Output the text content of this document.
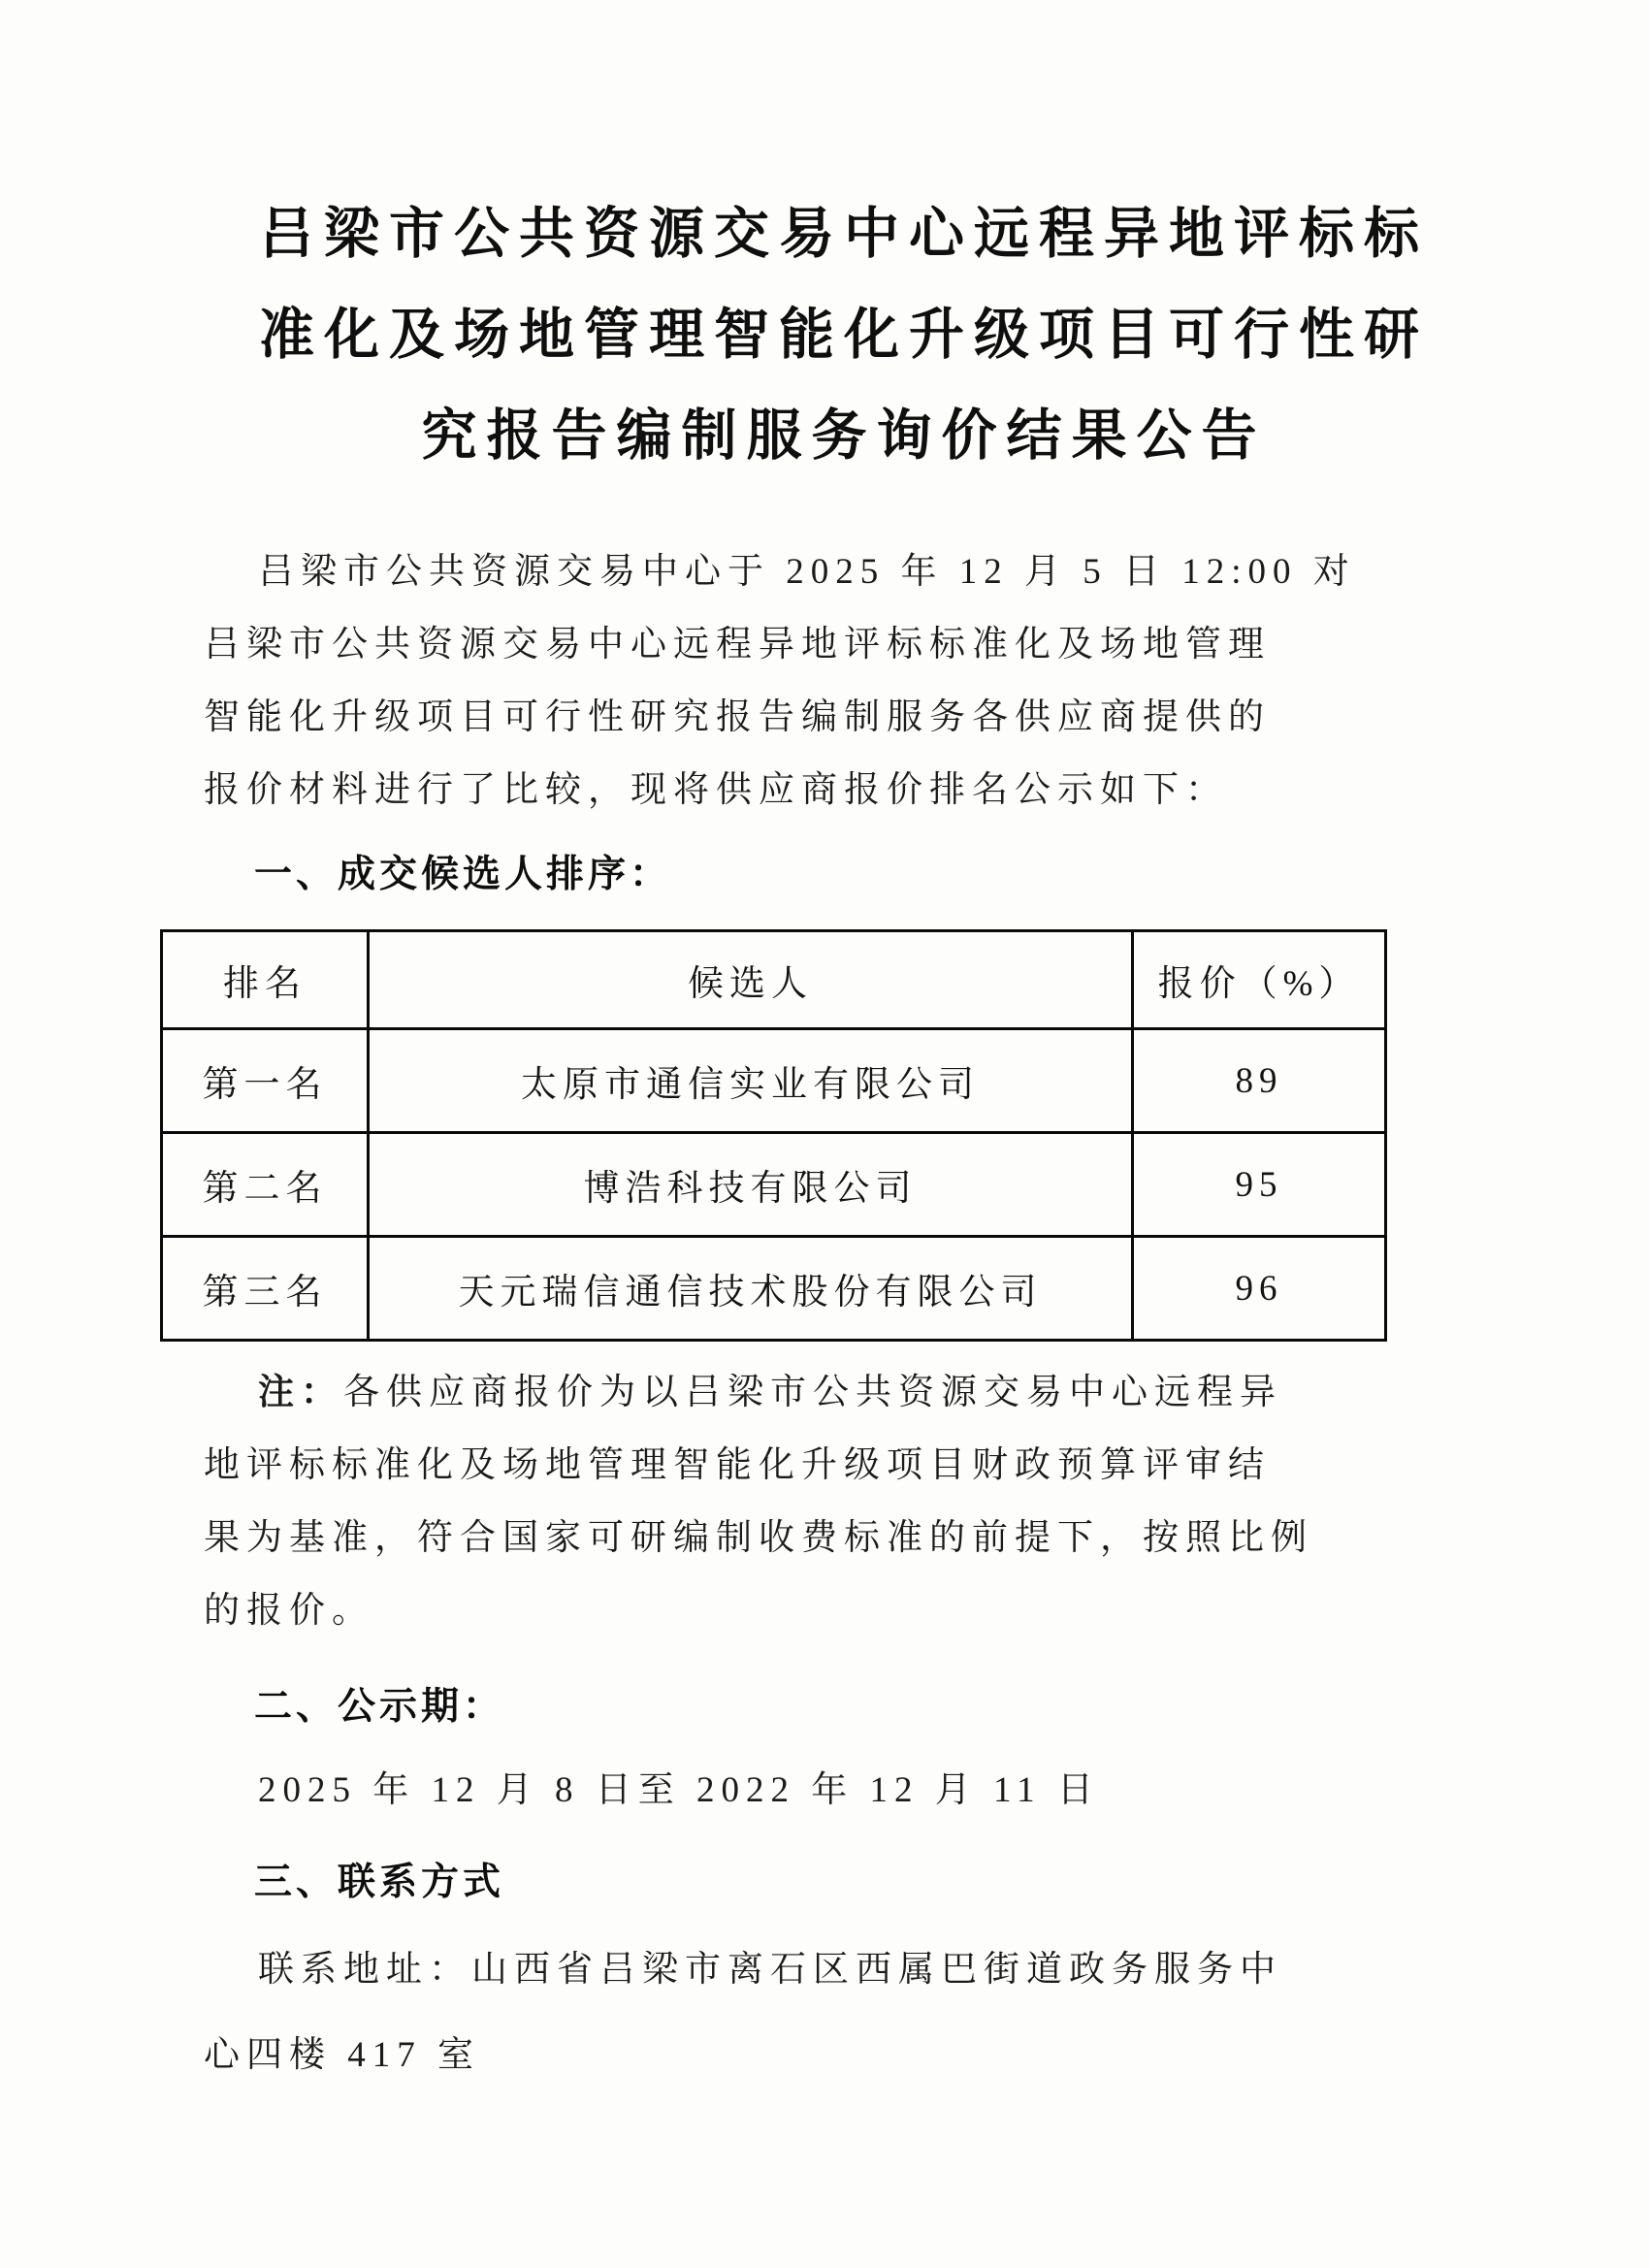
吕梁市公共资源交易中心远程异地评标标
准化及场地管理智能化升级项目可行性研
究报告编制服务询价结果公告
吕梁市公共资源交易中心于 2025 年 12 月 5 日 12:00 对
吕梁市公共资源交易中心远程异地评标标准化及场地管理
智能化升级项目可行性研究报告编制服务各供应商提供的
报价材料进行了比较，现将供应商报价排名公示如下：
一、成交候选人排序：
排名	候选人	报价（%）
第一名	太原市通信实业有限公司	89
第二名	博浩科技有限公司	95
第三名	天元瑞信通信技术股份有限公司	96
注：各供应商报价为以吕梁市公共资源交易中心远程异
地评标标准化及场地管理智能化升级项目财政预算评审结
果为基准，符合国家可研编制收费标准的前提下，按照比例
的报价。
二、公示期：
2025 年 12 月 8 日至 2022 年 12 月 11 日
三、联系方式
联系地址：山西省吕梁市离石区西属巴街道政务服务中
心四楼 417 室
